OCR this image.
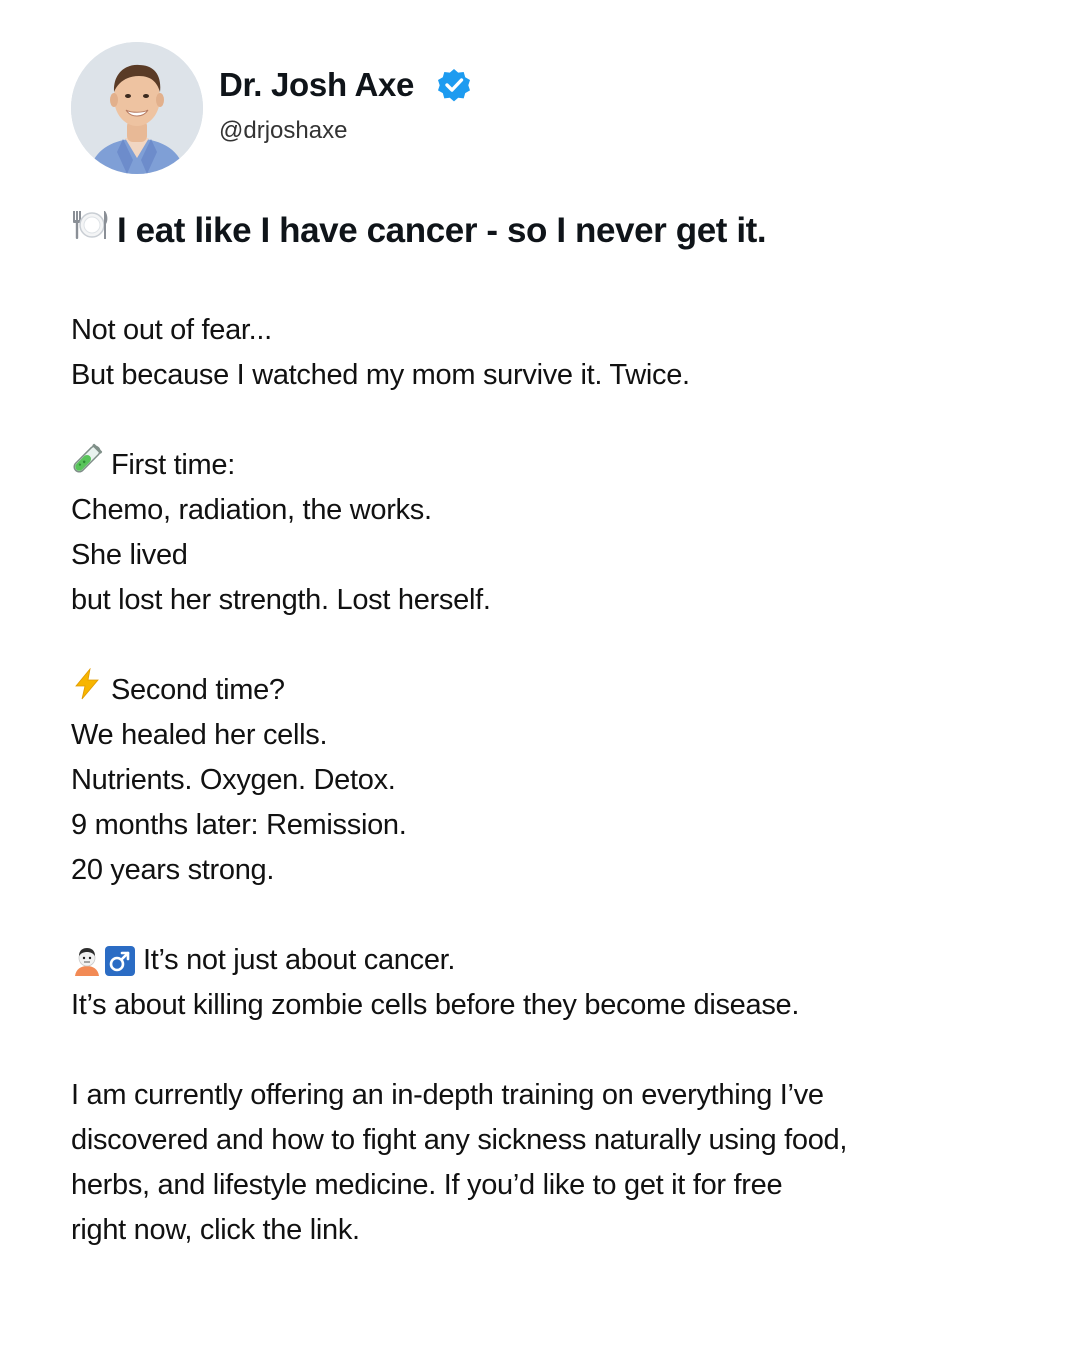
Dr. Josh Axe
@drjoshaxe
I eat like I have cancer - so I never get it.
Not out of fear...
But because I watched my mom survive it. Twice.
First time:
Chemo, radiation, the works.
She lived
but lost her strength. Lost herself.
Second time?
We healed her cells.
Nutrients. Oxygen. Detox.
9 months later: Remission.
20 years strong.
It’s not just about cancer.
It’s about killing zombie cells before they become disease.
I am currently offering an in-depth training on everything I’ve
discovered and how to fight any sickness naturally using food,
herbs, and lifestyle medicine. If you’d like to get it for free
right now, click the link.
